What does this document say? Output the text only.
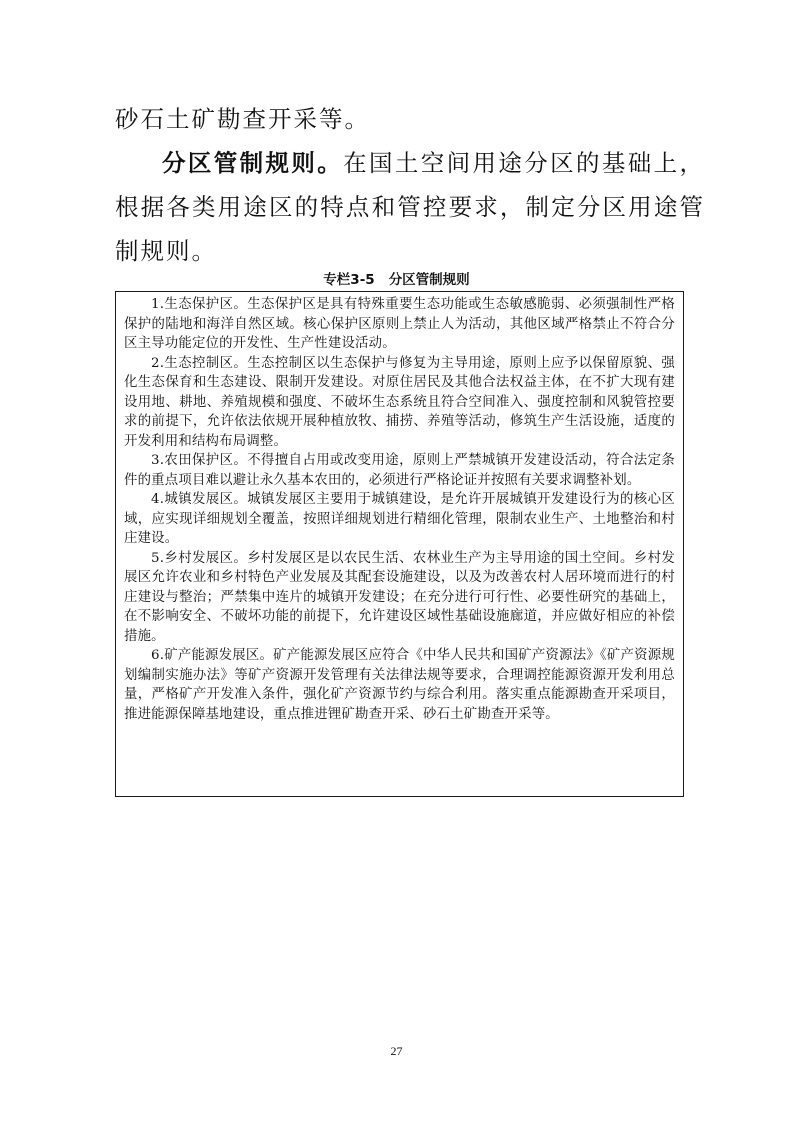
砂石土矿勘查开采等。

分区管制规则。在国土空间用途分区的基础上，根据各类用途区的特点和管控要求，制定分区用途管制规则。

专栏3-5 分区管制规则

1.生态保护区。生态保护区是具有特殊重要生态功能或生态敏感脆弱、必须强制性严格保护的陆地和海洋自然区域。核心保护区原则上禁止人为活动，其他区域严格禁止不符合分区主导功能定位的开发性、生产性建设活动。

2.生态控制区。生态控制区以生态保护与修复为主导用途，原则上应予以保留原貌、强化生态保育和生态建设、限制开发建设。对原住居民及其他合法权益主体，在不扩大现有建设用地、耕地、养殖规模和强度、不破坏生态系统且符合空间准入、强度控制和风貌管控要求的前提下，允许依法依规开展种植放牧、捕捞、养殖等活动，修筑生产生活设施，适度的开发利用和结构布局调整。

3.农田保护区。不得擅自占用或改变用途，原则上严禁城镇开发建设活动，符合法定条件的重点项目难以避让永久基本农田的，必须进行严格论证并按照有关要求调整补划。

4.城镇发展区。城镇发展区主要用于城镇建设，是允许开展城镇开发建设行为的核心区域，应实现详细规划全覆盖，按照详细规划进行精细化管理，限制农业生产、土地整治和村庄建设。

5.乡村发展区。乡村发展区是以农民生活、农林业生产为主导用途的国土空间。乡村发展区允许农业和乡村特色产业发展及其配套设施建设，以及为改善农村人居环境而进行的村庄建设与整治；严禁集中连片的城镇开发建设；在充分进行可行性、必要性研究的基础上，在不影响安全、不破坏功能的前提下，允许建设区域性基础设施廊道，并应做好相应的补偿措施。

6.矿产能源发展区。矿产能源发展区应符合《中华人民共和国矿产资源法》《矿产资源规划编制实施办法》等矿产资源开发管理有关法律法规等要求，合理调控能源资源开发利用总量，严格矿产开发准入条件，强化矿产资源节约与综合利用。落实重点能源勘查开采项目，推进能源保障基地建设，重点推进锂矿勘查开采、砂石土矿勘查开采等。

27
